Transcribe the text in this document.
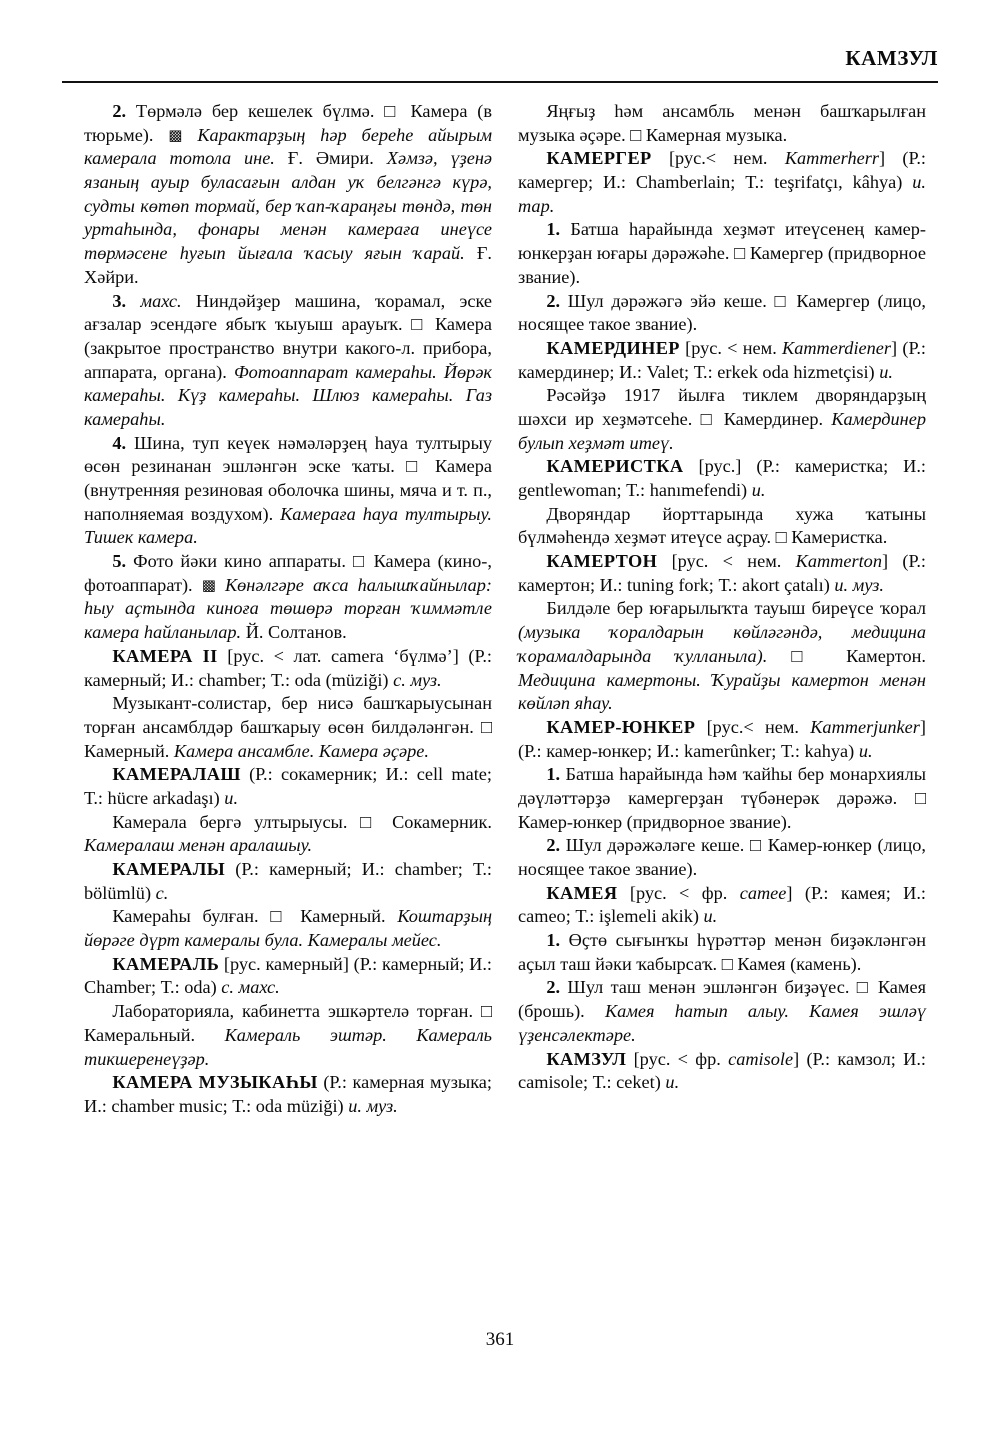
КАМЗУЛ

2. Төрмәлә бер кешелек бүлмә. □ Камера (в тюрьме). ▩ Карактарҙың һәр береһе айырым камерала тотола ине. Ғ. Әмири. Хәмзә, үҙенә язаның ауыр буласағын алдан уҡ белгәнгә күрә, судты көтөп тормай, бер ҡап-ҡараңғы төндә, төн уртаһында, фонары менән камераға инеүсе төрмәсене һуғып йығала ҡасыу яғын ҡарай. Ғ. Хәйри.

3. махс. Ниндәйҙер машина, ҡорамал, эске ағзалар эсендәге ябыҡ ҡыуыш арауыҡ. □ Камера (закрытое пространство внутри какого-л. прибора, аппарата, органа). Фотоаппарат камераһы. Йөрәк камераһы. Күҙ камераһы. Шлюз камераһы. Газ камераһы.

4. Шина, туп кеүек нәмәләрҙең һауа тултырыу өсөн резинанан эшләнгән эске ҡаты. □ Камера (внутренняя резиновая оболочка шины, мяча и т. п., наполняемая воздухом). Камераға һауа тултырыу. Тишек камера.

5. Фото йәки кино аппараты. □ Камера (кино-, фотоаппарат). ▩ Көнәлгәре аҡса һалышҡайнылар: һыу аҫтында киноға төшөрә торған ҡиммәтле камера һайланылар. Й. Солтанов.

КАМЕРА II [рус. < лат. camera ‘бүлмә’] (Р.: камерный; И.: chamber; Т.: oda (müziği) с. муз.

Музыкант-солистар, бер нисә башҡарыусынан торған ансамблдәр башҡарыу өсөн билдәләнгән. □ Камерный. Камера ансамбле. Камера әҫәре.

КАМЕРАЛАШ (Р.: сокамерник; И.: cell mate; Т.: hücre arkadaşı) и.

Камерала бергә ултырыусы. □ Сокамерник. Камералаш менән аралашыу.

КАМЕРАЛЫ (Р.: камерный; И.: chamber; Т.: bölümlü) с.

Камераһы булған. □ Камерный. Коштарҙың йөрәге дүрт камералы була. Камералы мейес.

КАМЕРАЛЬ [рус. камерный] (Р.: камерный; И.: Chamber; Т.: oda) с. махс.

Лабораторияла, кабинетта эшкәртелә торған. □ Камеральный. Камераль эштәр. Камераль тикшеренеүҙәр.

КАМЕРА МУЗЫКАҺЫ (Р.: камерная музыка; И.: chamber music; Т.: oda müziği) и. муз.

Яңғыҙ һәм ансамбль менән башҡарылған музыка әҫәре. □ Камерная музыка.

КАМЕРГЕР [рус.< нем. Kammerherr] (Р.: камергер; И.: Chamberlain; Т.: teşrifatçı, kâhya) и. тар.

1. Батша һарайында хеҙмәт итеүсенең камер-юнкерҙан юғары дәрәжәһе. □ Камергер (придворное звание).

2. Шул дәрәжәгә эйә кеше. □ Камергер (лицо, носящее такое звание).

КАМЕРДИНЕР [рус. < нем. Kammerdiener] (Р.: камердинер; И.: Valet; Т.: erkek oda hizmetçisi) и.

Рәсәйҙә 1917 йылға тиклем дворяндарҙың шәхси ир хеҙмәтсеһе. □ Камердинер. Камердинер булып хеҙмәт итеү.

КАМЕРИСТКА [рус.] (Р.: камеристка; И.: gentlewoman; Т.: hanımefendi) и.

Дворяндар йорттарында хужа ҡатыны бүлмәһендә хеҙмәт итеүсе аҫрау. □ Камеристка.

КАМЕРТОН [рус. < нем. Kammerton] (Р.: камертон; И.: tuning fork; Т.: akort çatalı) и. муз.

Билдәле бер юғарылыҡта тауыш биреүсе ҡорал (музыка ҡоралдарын көйләгәндә, медицина ҡорамалдарында ҡулланыла). □	Камертон. Медицина камертоны. Ҡурайҙы камертон менән көйләп яһау.

КАМЕР-ЮНКЕР [рус.< нем. Kammerjunker] (Р.: камер-юнкер; И.: kamerûnker; Т.: kahya) и.

1. Батша һарайында һәм ҡайһы бер монархиялы дәүләттәрҙә камергерҙан түбәнерәк дәрәжә. □ Камер-юнкер (придворное звание).

2. Шул дәрәжәләге кеше. □ Камер-юнкер (лицо, носящее такое звание).

КАМЕЯ [рус. < фр. camee] (Р.: камея; И.: cameo; Т.: işlemeli akik) и.

1. Өҫтө сығынҡы һүрәттәр менән биҙәкләнгән аҫыл таш йәки ҡабырсаҡ. □ Камея (камень).

2. Шул таш менән эшләнгән биҙәүес. □ Камея (брошь). Камея һатып алыу. Камея эшләү үҙенсәлектәре.

КАМЗУЛ [рус. < фр. camisole] (Р.: камзол; И.: camisole; Т.: ceket) и.

361
